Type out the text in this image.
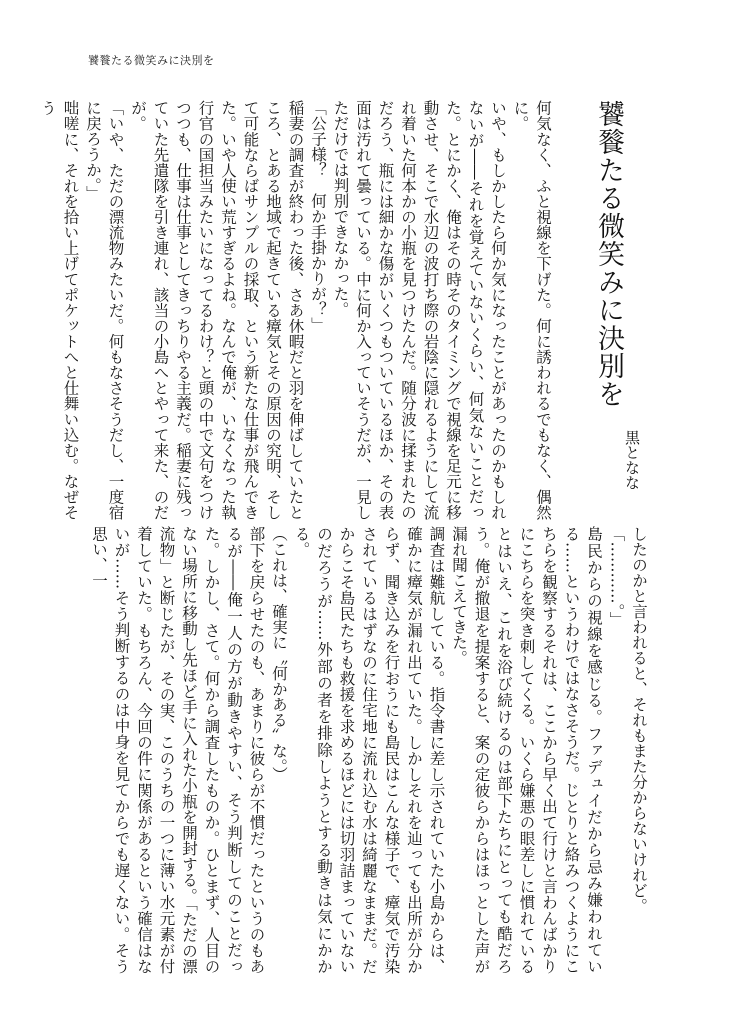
饕餮たる微笑みに決別を
饕餮たる微笑みに決別を
黒となな

何気なく、ふと視線を下げた。何に誘われるでもなく、偶然に。
いや、もしかしたら何か気になったことがあったのかもしれないが――それを覚えていないくらい、何気ないことだった。とにかく、俺はその時そのタイミングで視線を足元に移動させ、そこで水辺の波打ち際の岩陰に隠れるようにして流れ着いた何本かの小瓶を見つけたんだ。随分波に揉まれたのだろう、瓶には細かな傷がいくつもついているほか、その表面は汚れて曇っている。中に何か入っていそうだが、一見しただけでは判別できなかった。
「公子様？　何か手掛かりが？」
稲妻の調査が終わった後、さあ休暇だと羽を伸ばしていたところ、とある地域で起きている瘴気とその原因の究明、そして可能ならばサンプルの採取、という新たな仕事が飛んできた。いや人使い荒すぎるよね。なんで俺が、いなくなった執行官の国担当みたいになってるわけ？と頭の中で文句をつけつつも、仕事は仕事としてきっちりやる主義だ。稲妻に残っていた先遣隊を引き連れ、該当の小島へとやって来た、のだが。
「いや、ただの漂流物みたいだ。何もなさそうだし、一度宿に戻ろうか。」
咄嗟に、それを拾い上げてポケットへと仕舞い込む。なぜそう

したのかと言われると、それもまた分からないけれど。
「…………。」
島民からの視線を感じる。ファデュイだから忌み嫌われている……というわけではなさそうだ。じとりと絡みつくようにこちらを観察するそれは、ここから早く出て行けと言わんばかりにこちらを突き刺してくる。いくら嫌悪の眼差しに慣れているとはいえ、これを浴び続けるのは部下たちにとっても酷だろう。俺が撤退を提案すると、案の定彼らからはほっとした声が漏れ聞こえてきた。
調査は難航している。指令書に差し示されていた小島からは、確かに瘴気が漏れ出ていた。しかしそれを辿っても出所が分からず、聞き込みを行おうにも島民はこんな様子で、瘴気で汚染されているはずなのに住宅地に流れ込む水は綺麗なままだ。だからこそ島民たちも救援を求めるほどには切羽詰まっていないのだろうが……外部の者を排除しようとする動きは気にかかる。
（これは、確実に〝何かある〟な。）
部下を戻らせたのも、あまりに彼らが不慣だったというのもあるが――俺一人の方が動きやすい、そう判断してのことだった。しかし、さて。何から調査したものか。ひとまず、人目のない場所に移動し先ほど手に入れた小瓶を開封する。「ただの漂流物」と断じたが、その実、このうちの一つに薄い水元素が付着していた。もちろん、今回の件に関係があるという確信はないが……そう判断するのは中身を見てからでも遅くない。そう思い、一
